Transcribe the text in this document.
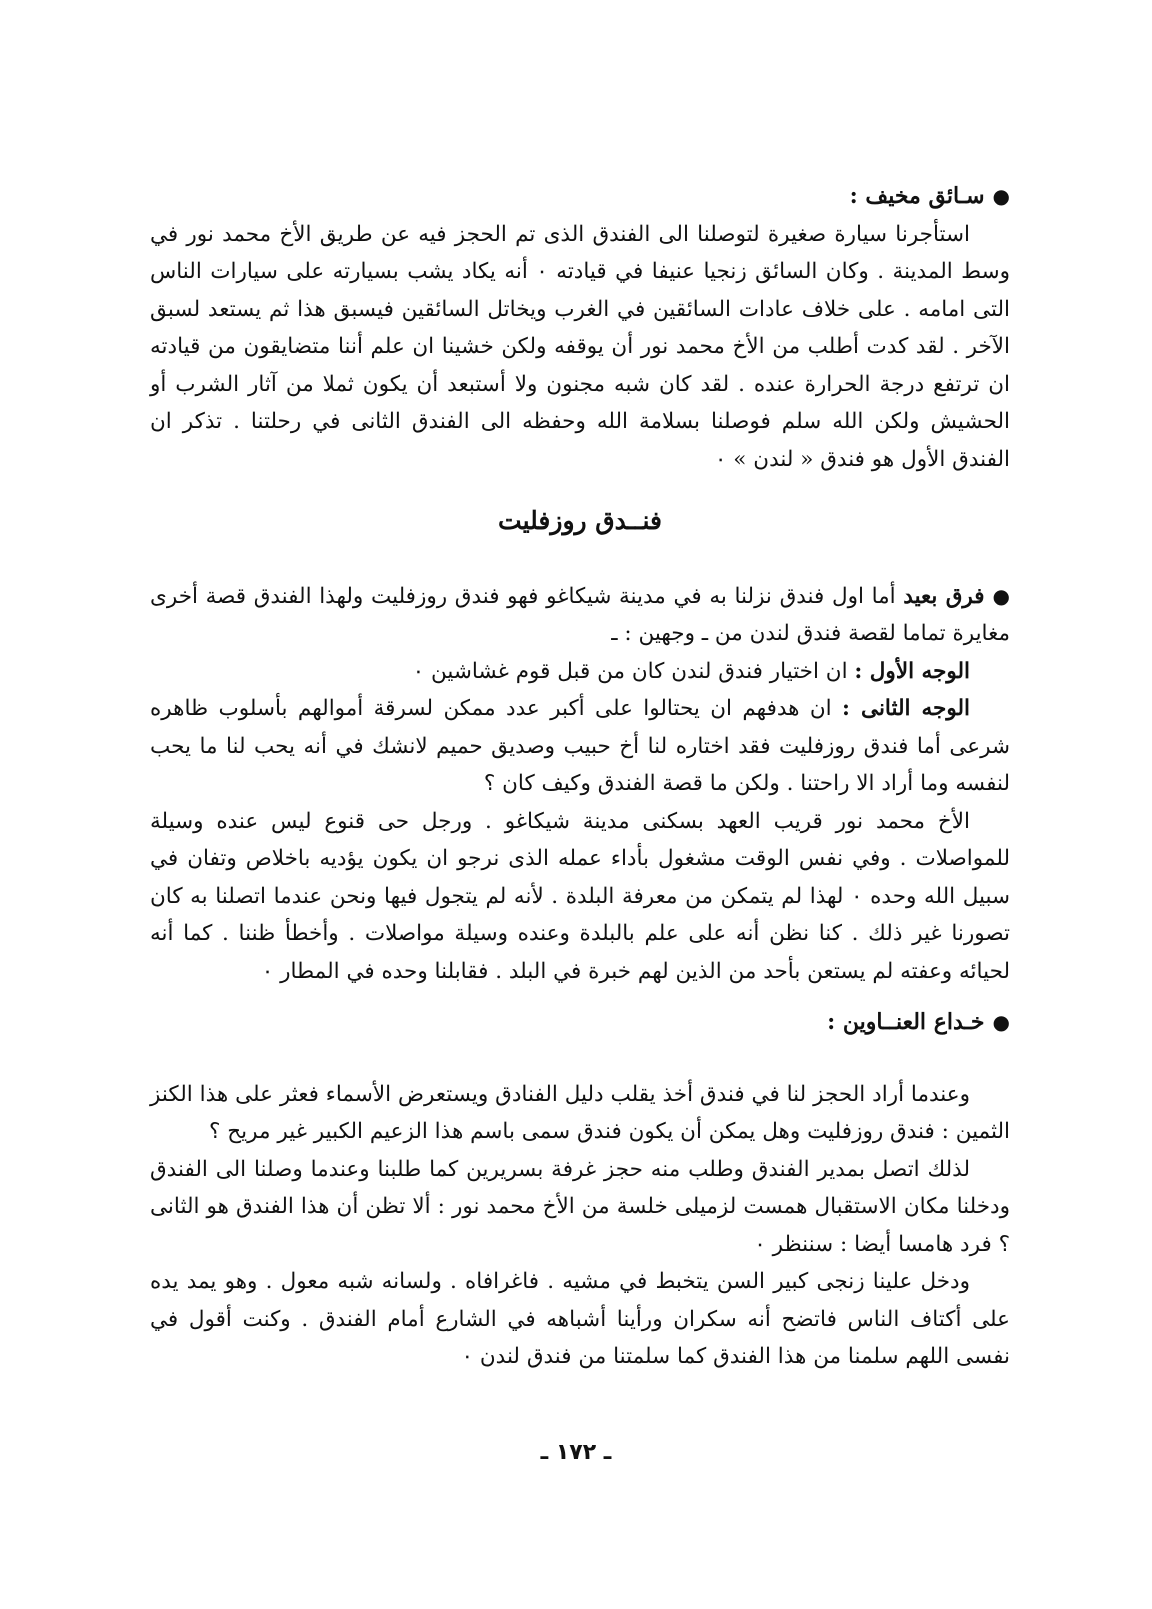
●سـائق مخيف :

استأجرنا سيارة صغيرة لتوصلنا الى الفندق الذى تم الحجز فيه عن طريق الأخ محمد نور في وسط المدينة . وكان السائق زنجيا عنيفا في قيادته ٠ أنه يكاد يشب بسيارته على سيارات الناس التى امامه . على خلاف عادات السائقين في الغرب ويخاتل السائقين فيسبق هذا ثم يستعد لسبق الآخر . لقد كدت أطلب من الأخ محمد نور أن يوقفه ولكن خشينا ان علم أننا متضايقون من قيادته ان ترتفع درجة الحرارة عنده . لقد كان شبه مجنون ولا أستبعد أن يكون ثملا من آثار الشرب أو الحشيش ولكن الله سلم فوصلنا بسلامة الله وحفظه الى الفندق الثانى في رحلتنا . تذكر ان الفندق الأول هو فندق « لندن » ٠

فنــدق روزفليت

●فرق بعيد أما اول فندق نزلنا به في مدينة شيكاغو فهو فندق روزفليت ولهذا الفندق قصة أخرى مغايرة تماما لقصة فندق لندن من ـ وجهين : ـ

الوجه الأول : ان اختيار فندق لندن كان من قبل قوم غشاشين ٠

الوجه الثانى : ان هدفهم ان يحتالوا على أكبر عدد ممكن لسرقة أموالهم بأسلوب ظاهره شرعى أما فندق روزفليت فقد اختاره لنا أخ حبيب وصديق حميم لانشك في أنه يحب لنا ما يحب لنفسه وما أراد الا راحتنا . ولكن ما قصة الفندق وكيف كان ؟

الأخ محمد نور قريب العهد بسكنى مدينة شيكاغو . ورجل حى قنوع ليس عنده وسيلة للمواصلات . وفي نفس الوقت مشغول بأداء عمله الذى نرجو ان يكون يؤديه باخلاص وتفان في سبيل الله وحده ٠ لهذا لم يتمكن من معرفة البلدة . لأنه لم يتجول فيها ونحن عندما اتصلنا به كان تصورنا غير ذلك . كنا نظن أنه على علم بالبلدة وعنده وسيلة مواصلات . وأخطأ ظننا . كما أنه لحيائه وعفته لم يستعن بأحد من الذين لهم خبرة في البلد . فقابلنا وحده في المطار ٠

●خـداع العنــاوين :

وعندما أراد الحجز لنا في فندق أخذ يقلب دليل الفنادق ويستعرض الأسماء فعثر على هذا الكنز الثمين : فندق روزفليت وهل يمكن أن يكون فندق سمى باسم هذا الزعيم الكبير غير مريح ؟

لذلك اتصل بمدير الفندق وطلب منه حجز غرفة بسريرين كما طلبنا وعندما وصلنا الى الفندق ودخلنا مكان الاستقبال همست لزميلى خلسة من الأخ محمد نور : ألا تظن أن هذا الفندق هو الثانى ؟ فرد هامسا أيضا : سننظر ٠

ودخل علينا زنجى كبير السن يتخبط في مشيه . فاغرافاه . ولسانه شبه معول . وهو يمد يده على أكتاف الناس فاتضح أنه سكران ورأينا أشباهه في الشارع أمام الفندق . وكنت أقول في نفسى اللهم سلمنا من هذا الفندق كما سلمتنا من فندق لندن ٠

ـ ١٧٢ ـ
